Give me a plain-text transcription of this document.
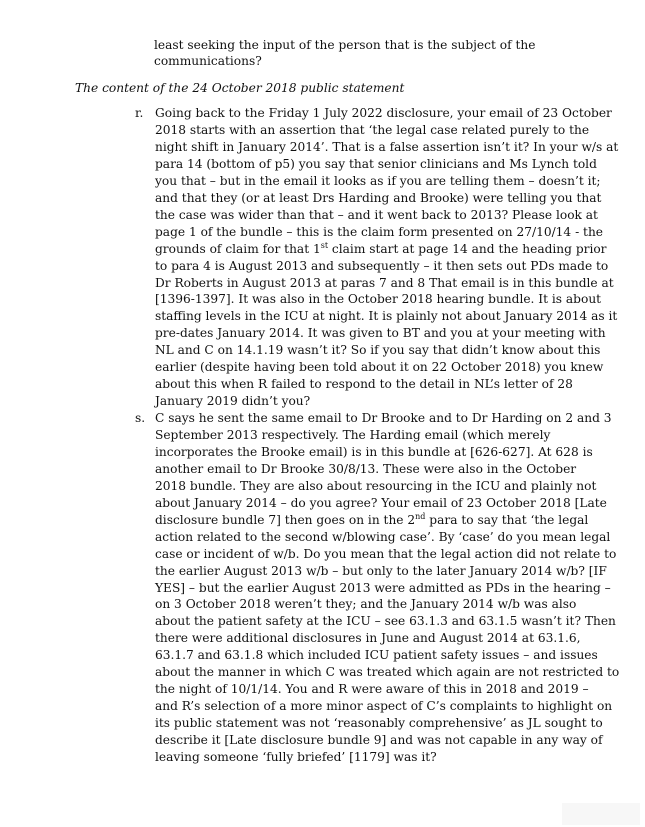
least seeking the input of the person that is the subject of the
communications?
The content of the 24 October 2018 public statement
r. Going back to the Friday 1 July 2022 disclosure, your email of 23 October
2018 starts with an assertion that ‘the legal case related purely to the
night shift in January 2014’. That is a false assertion isn’t it? In your w/s at
para 14 (bottom of p5) you say that senior clinicians and Ms Lynch told
you that – but in the email it looks as if you are telling them – doesn’t it;
and that they (or at least Drs Harding and Brooke) were telling you that
the case was wider than that – and it went back to 2013? Please look at
page 1 of the bundle – this is the claim form presented on 27/10/14 - the
grounds of claim for that 1st claim start at page 14 and the heading prior
to para 4 is August 2013 and subsequently – it then sets out PDs made to
Dr Roberts in August 2013 at paras 7 and 8 That email is in this bundle at
[1396-1397]. It was also in the October 2018 hearing bundle. It is about
staffing levels in the ICU at night. It is plainly not about January 2014 as it
pre-dates January 2014. It was given to BT and you at your meeting with
NL and C on 14.1.19 wasn’t it? So if you say that didn’t know about this
earlier (despite having been told about it on 22 October 2018) you knew
about this when R failed to respond to the detail in NL’s letter of 28
January 2019 didn’t you?
s. C says he sent the same email to Dr Brooke and to Dr Harding on 2 and 3
September 2013 respectively. The Harding email (which merely
incorporates the Brooke email) is in this bundle at [626-627]. At 628 is
another email to Dr Brooke 30/8/13. These were also in the October
2018 bundle. They are also about resourcing in the ICU and plainly not
about January 2014 – do you agree? Your email of 23 October 2018 [Late
disclosure bundle 7] then goes on in the 2nd para to say that ‘the legal
action related to the second w/blowing case’. By ‘case’ do you mean legal
case or incident of w/b. Do you mean that the legal action did not relate to
the earlier August 2013 w/b – but only to the later January 2014 w/b? [IF
YES] – but the earlier August 2013 were admitted as PDs in the hearing –
on 3 October 2018 weren’t they; and the January 2014 w/b was also
about the patient safety at the ICU – see 63.1.3 and 63.1.5 wasn’t it? Then
there were additional disclosures in June and August 2014 at 63.1.6,
63.1.7 and 63.1.8 which included ICU patient safety issues – and issues
about the manner in which C was treated which again are not restricted to
the night of 10/1/14. You and R were aware of this in 2018 and 2019 –
and R’s selection of a more minor aspect of C’s complaints to highlight on
its public statement was not ‘reasonably comprehensive’ as JL sought to
describe it [Late disclosure bundle 9] and was not capable in any way of
leaving someone ‘fully briefed’ [1179] was it?
